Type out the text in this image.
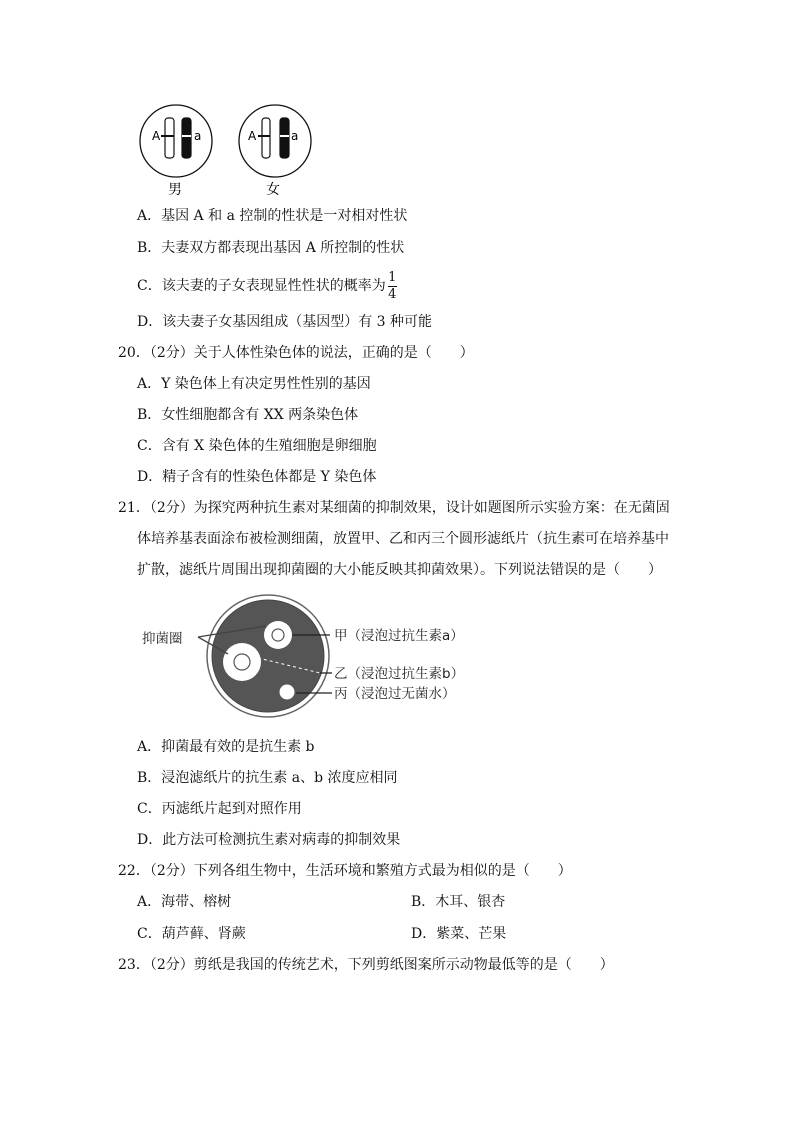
A	a	A	a
男	女
A．基因 A 和 a 控制的性状是一对相对性状
B．夫妻双方都表现出基因 A 所控制的性状
C．该夫妻的子女表现显性性状的概率为 $\frac{1}{4}$
D．该夫妻子女基因组成（基因型）有 3 种可能
20．（2分）关于人体性染色体的说法，正确的是（　　）
A．Y 染色体上有决定男性性别的基因
B．女性细胞都含有 XX 两条染色体
C．含有 X 染色体的生殖细胞是卵细胞
D．精子含有的性染色体都是 Y 染色体
21．（2分）为探究两种抗生素对某细菌的抑制效果，设计如题图所示实验方案：在无菌固
体培养基表面涂布被检测细菌，放置甲、乙和丙三个圆形滤纸片（抗生素可在培养基中
扩散，滤纸片周围出现抑菌圈的大小能反映其抑菌效果）。下列说法错误的是（　　）
抑菌圈	甲（浸泡过抗生素a）
乙（浸泡过抗生素b）
丙（浸泡过无菌水）
A．抑菌最有效的是抗生素 b
B．浸泡滤纸片的抗生素 a、b 浓度应相同
C．丙滤纸片起到对照作用
D．此方法可检测抗生素对病毒的抑制效果
22．（2分）下列各组生物中，生活环境和繁殖方式最为相似的是（　　）
A．海带、榕树	B．木耳、银杏
C．葫芦藓、肾蕨	D．紫菜、芒果
23．（2分）剪纸是我国的传统艺术，下列剪纸图案所示动物最低等的是（　　）
